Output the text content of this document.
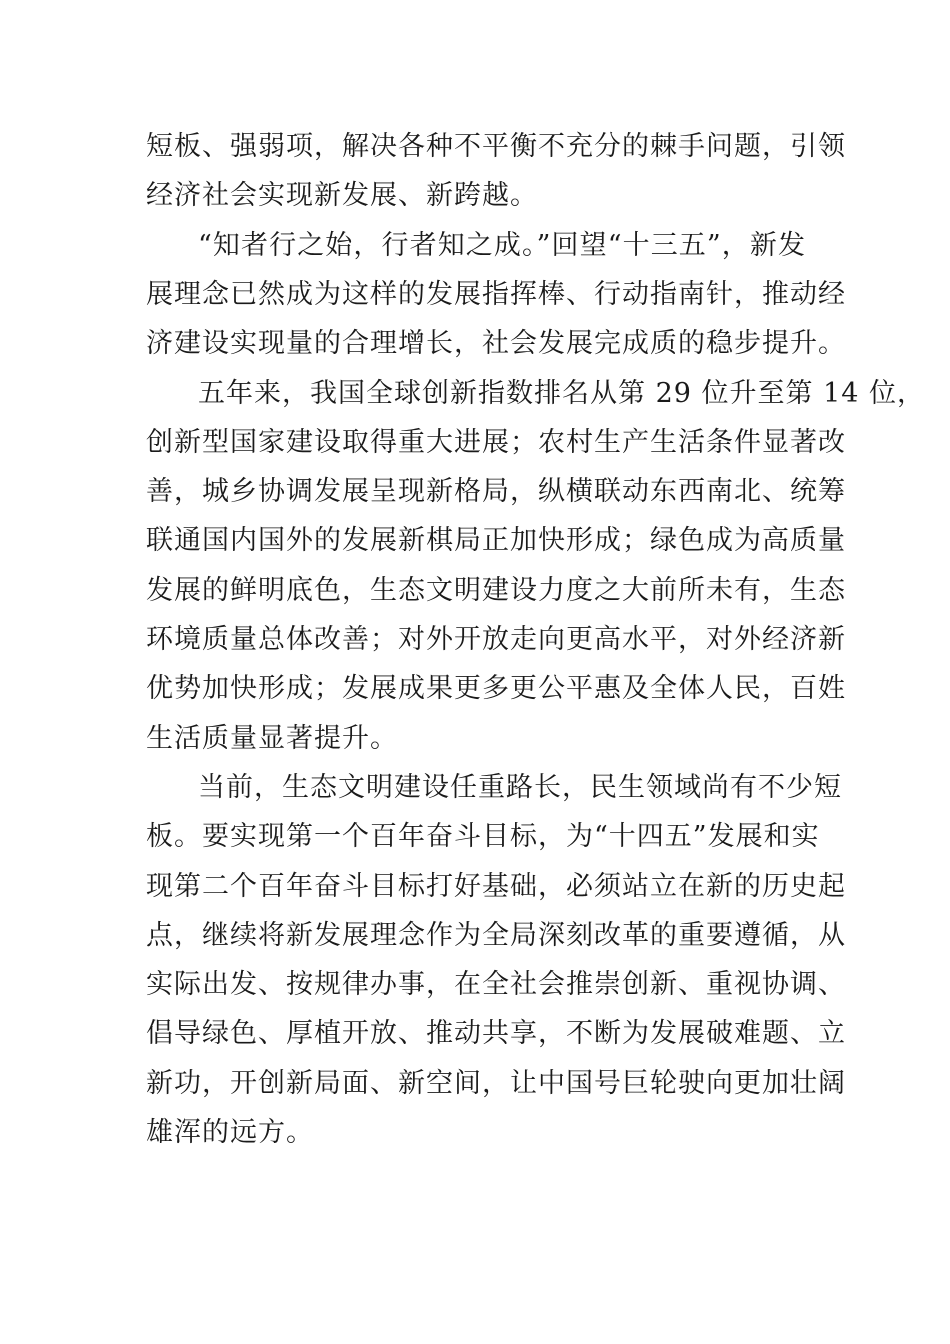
短板、强弱项，解决各种不平衡不充分的棘手问题，引领
经济社会实现新发展、新跨越。
“知者行之始，行者知之成。”回望“十三五”，新发
展理念已然成为这样的发展指挥棒、行动指南针，推动经
济建设实现量的合理增长，社会发展完成质的稳步提升。
五年来，我国全球创新指数排名从第 29 位升至第 14 位，
创新型国家建设取得重大进展；农村生产生活条件显著改
善，城乡协调发展呈现新格局，纵横联动东西南北、统筹
联通国内国外的发展新棋局正加快形成；绿色成为高质量
发展的鲜明底色，生态文明建设力度之大前所未有，生态
环境质量总体改善；对外开放走向更高水平，对外经济新
优势加快形成；发展成果更多更公平惠及全体人民，百姓
生活质量显著提升。
当前，生态文明建设任重路长，民生领域尚有不少短
板。要实现第一个百年奋斗目标，为“十四五”发展和实
现第二个百年奋斗目标打好基础，必须站立在新的历史起
点，继续将新发展理念作为全局深刻改革的重要遵循，从
实际出发、按规律办事，在全社会推崇创新、重视协调、
倡导绿色、厚植开放、推动共享，不断为发展破难题、立
新功，开创新局面、新空间，让中国号巨轮驶向更加壮阔
雄浑的远方。
